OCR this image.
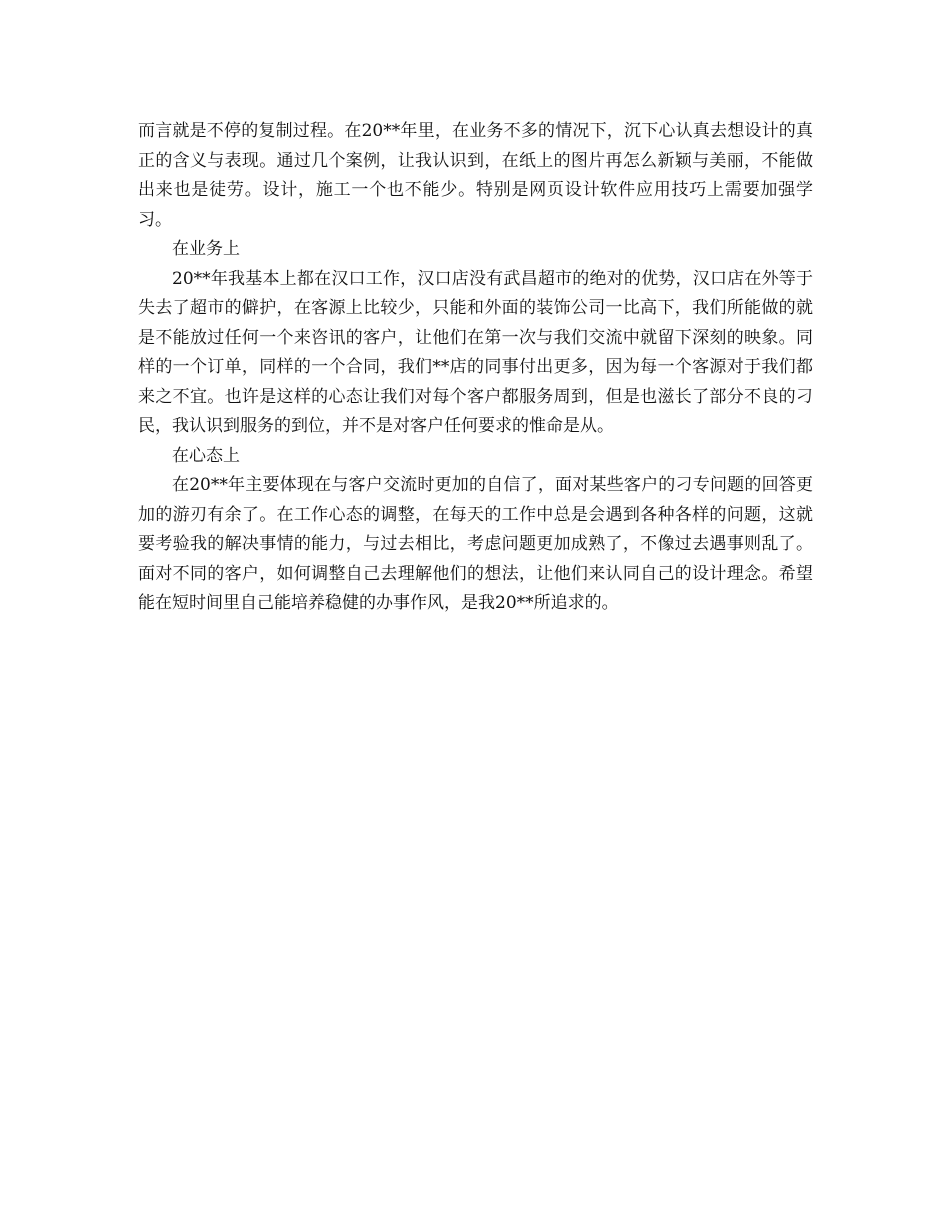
而言就是不停的复制过程。在20**年里，在业务不多的情况下，沉下心认真去想设计的真正的含义与表现。通过几个案例，让我认识到，在纸上的图片再怎么新颖与美丽，不能做出来也是徒劳。设计，施工一个也不能少。特别是网页设计软件应用技巧上需要加强学习。

在业务上

20**年我基本上都在汉口工作，汉口店没有武昌超市的绝对的优势，汉口店在外等于失去了超市的僻护，在客源上比较少，只能和外面的装饰公司一比高下，我们所能做的就是不能放过任何一个来咨讯的客户，让他们在第一次与我们交流中就留下深刻的映象。同样的一个订单，同样的一个合同，我们**店的同事付出更多，因为每一个客源对于我们都来之不宜。也许是这样的心态让我们对每个客户都服务周到，但是也滋长了部分不良的刁民，我认识到服务的到位，并不是对客户任何要求的惟命是从。

在心态上

在20**年主要体现在与客户交流时更加的自信了，面对某些客户的刁专问题的回答更加的游刃有余了。在工作心态的调整，在每天的工作中总是会遇到各种各样的问题，这就要考验我的解决事情的能力，与过去相比，考虑问题更加成熟了，不像过去遇事则乱了。面对不同的客户，如何调整自己去理解他们的想法，让他们来认同自己的设计理念。希望能在短时间里自己能培养稳健的办事作风，是我20**所追求的。
